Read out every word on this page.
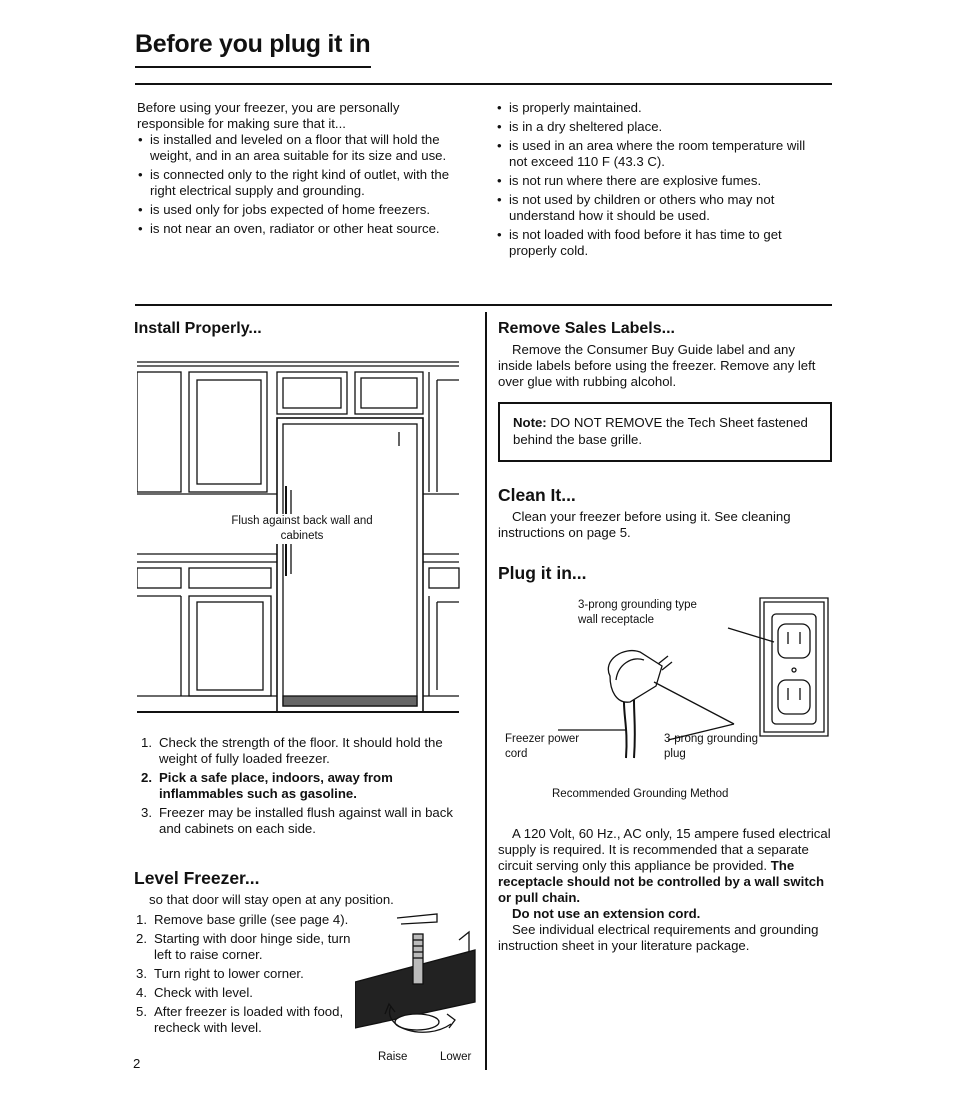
Before you plug it in
Before using your freezer, you are personally responsible for making sure that it...
• is installed and leveled on a floor that will hold the weight, and in an area suitable for its size and use.
• is connected only to the right kind of outlet, with the right electrical supply and grounding.
• is used only for jobs expected of home freezers.
• is not near an oven, radiator or other heat source.
• is properly maintained.
• is in a dry sheltered place.
• is used in an area where the room temperature will not exceed 110 F (43.3 C).
• is not run where there are explosive fumes.
• is not used by children or others who may not understand how it should be used.
• is not loaded with food before it has time to get properly cold.
Install Properly...
Flush against back wall and cabinets
1. Check the strength of the floor. It should hold the weight of fully loaded freezer.
2. Pick a safe place, indoors, away from inflammables such as gasoline.
3. Freezer may be installed flush against wall in back and cabinets on each side.
Level Freezer...
so that door will stay open at any position.
1. Remove base grille (see page 4).
2. Starting with door hinge side, turn left to raise corner.
3. Turn right to lower corner.
4. Check with level.
5. After freezer is loaded with food, recheck with level.
Raise	Lower
2
Remove Sales Labels...
Remove the Consumer Buy Guide label and any inside labels before using the freezer. Remove any left over glue with rubbing alcohol.
Note: DO NOT REMOVE the Tech Sheet fastened behind the base grille.
Clean It...
Clean your freezer before using it. See cleaning instructions on page 5.
Plug it in...
3-prong grounding type wall receptacle
Freezer power cord
3-prong grounding plug
Recommended Grounding Method
A 120 Volt, 60 Hz., AC only, 15 ampere fused electrical supply is required. It is recommended that a separate circuit serving only this appliance be provided. The receptacle should not be controlled by a wall switch or pull chain.
Do not use an extension cord.
See individual electrical requirements and grounding instruction sheet in your literature package.
